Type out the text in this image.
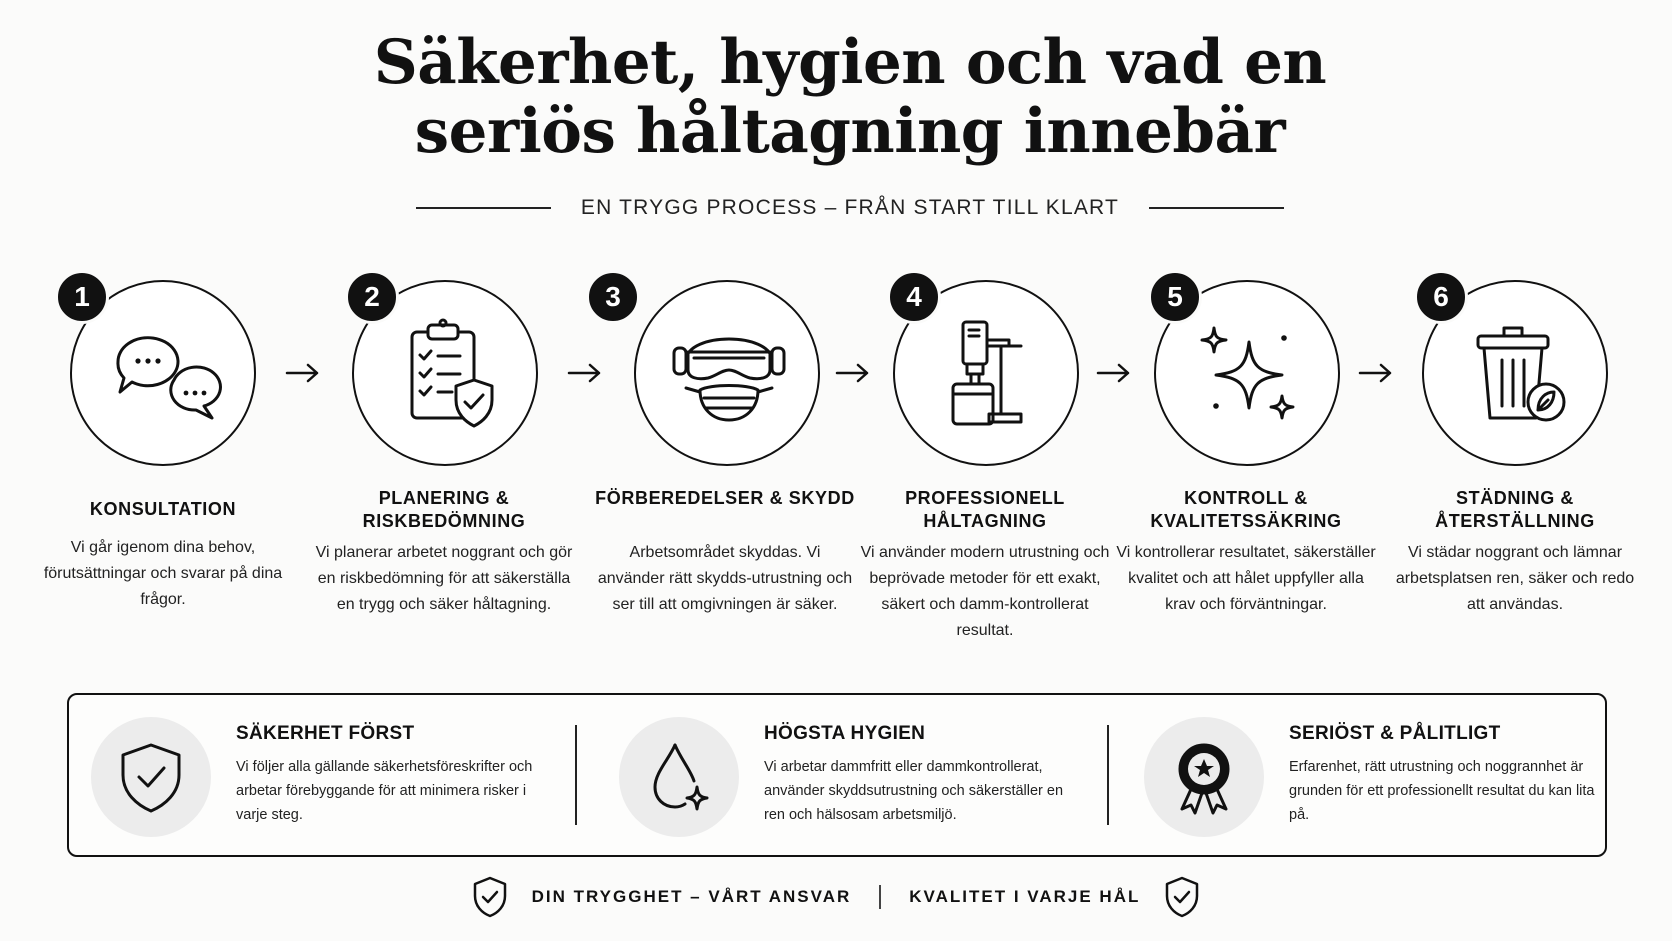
Säkerhet, hygien och vad en
seriös håltagning innebär
EN TRYGG PROCESS – FRÅN START TILL KLART
1
KONSULTATION
Vi går igenom dina behov, förutsättningar och svarar på dina frågor.
2
PLANERING & RISKBEDÖMNING
Vi planerar arbetet noggrant och gör en riskbedömning för att säkerställa en trygg och säker håltagning.
3
FÖRBEREDELSER & SKYDD
Arbetsområdet skyddas. Vi använder rätt skydds-utrustning och ser till att omgivningen är säker.
4
PROFESSIONELL HÅLTAGNING
Vi använder modern utrustning och beprövade metoder för ett exakt, säkert och damm-kontrollerat resultat.
5
KONTROLL & KVALITETSSÄKRING
Vi kontrollerar resultatet, säkerställer kvalitet och att hålet uppfyller alla krav och förväntningar.
6
STÄDNING & ÅTERSTÄLLNING
Vi städar noggrant och lämnar arbetsplatsen ren, säker och redo att användas.
SÄKERHET FÖRST
Vi följer alla gällande säkerhetsföreskrifter och arbetar förebyggande för att minimera risker i varje steg.
HÖGSTA HYGIEN
Vi arbetar dammfritt eller dammkontrollerat, använder skyddsutrustning och säkerställer en ren och hälsosam arbetsmiljö.
SERIÖST & PÅLITLIGT
Erfarenhet, rätt utrustning och noggrannhet är grunden för ett professionellt resultat du kan lita på.
DIN TRYGGHET – VÅRT ANSVAR	KVALITET I VARJE HÅL
